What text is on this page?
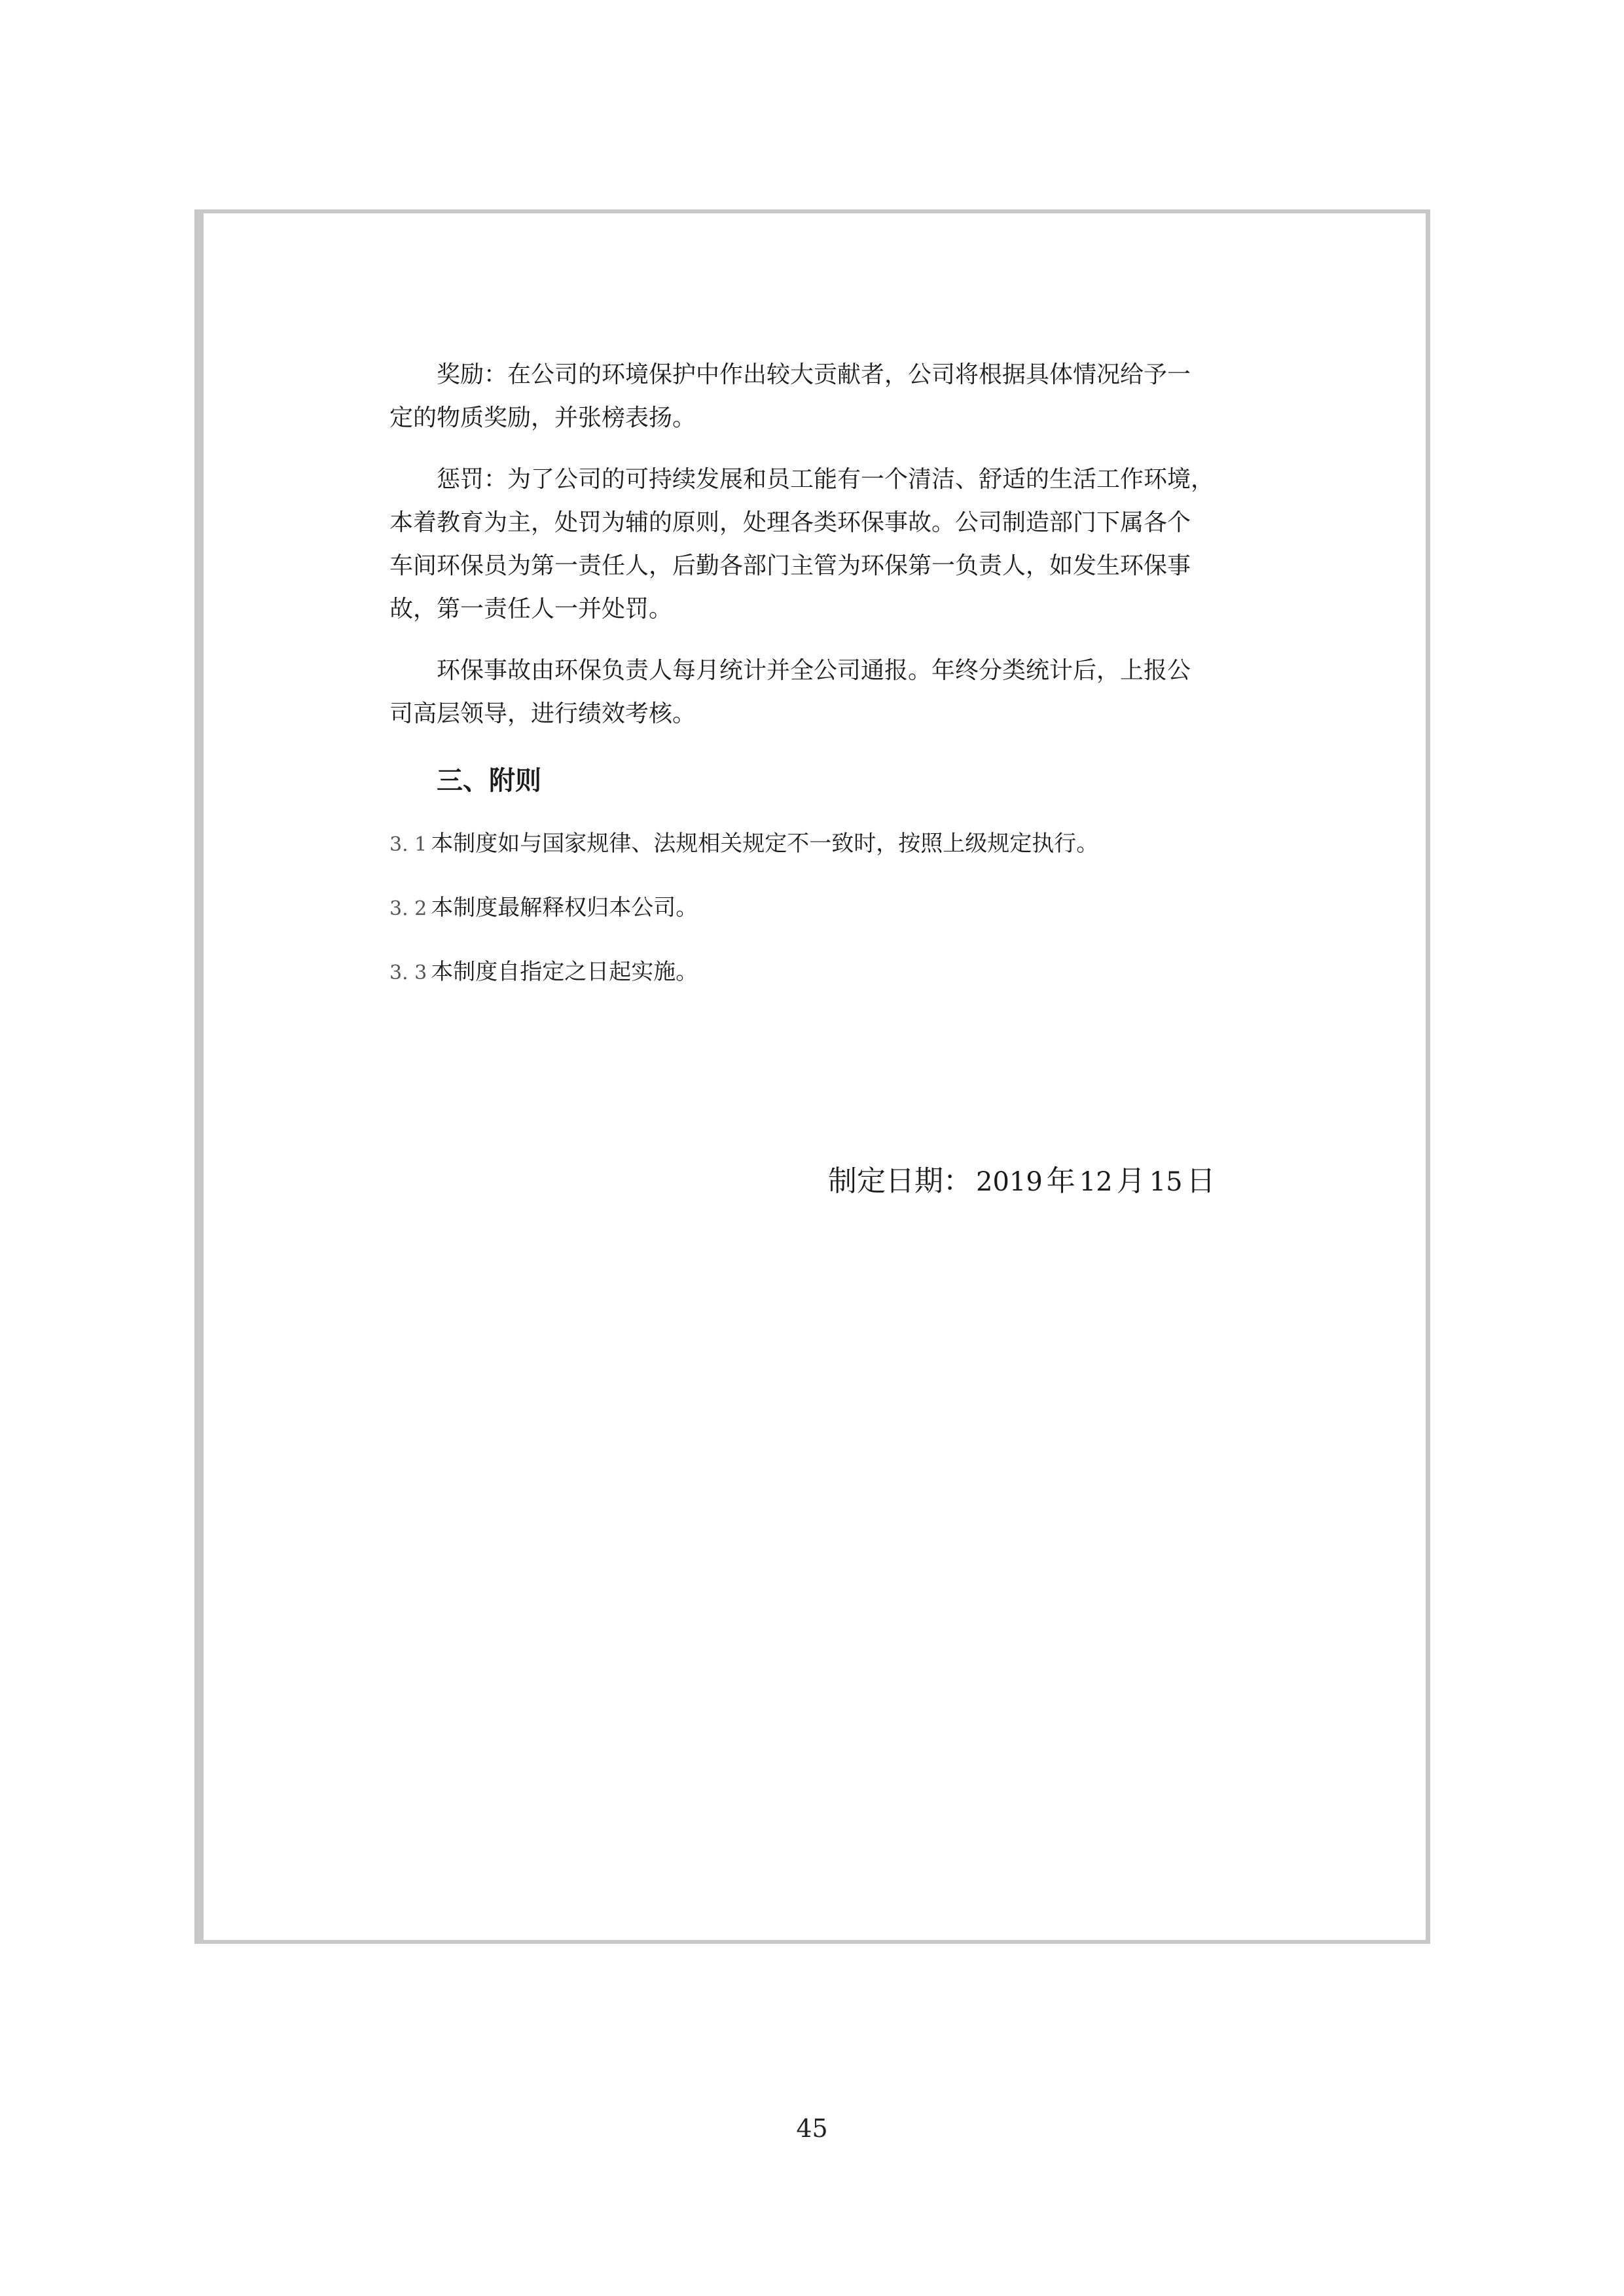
奖励：在公司的环境保护中作出较大贡献者，公司将根据具体情况给予一
定的物质奖励，并张榜表扬。

惩罚：为了公司的可持续发展和员工能有一个清洁、舒适的生活工作环境，
本着教育为主，处罚为辅的原则，处理各类环保事故。公司制造部门下属各个
车间环保员为第一责任人，后勤各部门主管为环保第一负责人，如发生环保事
故，第一责任人一并处罚。

环保事故由环保负责人每月统计并全公司通报。年终分类统计后，上报公
司高层领导，进行绩效考核。

三、附则

3. 1 本制度如与国家规律、法规相关规定不一致时，按照上级规定执行。

3. 2 本制度最解释权归本公司。

3. 3 本制度自指定之日起实施。

制定日期： 2019 年 12 月 15 日
45
